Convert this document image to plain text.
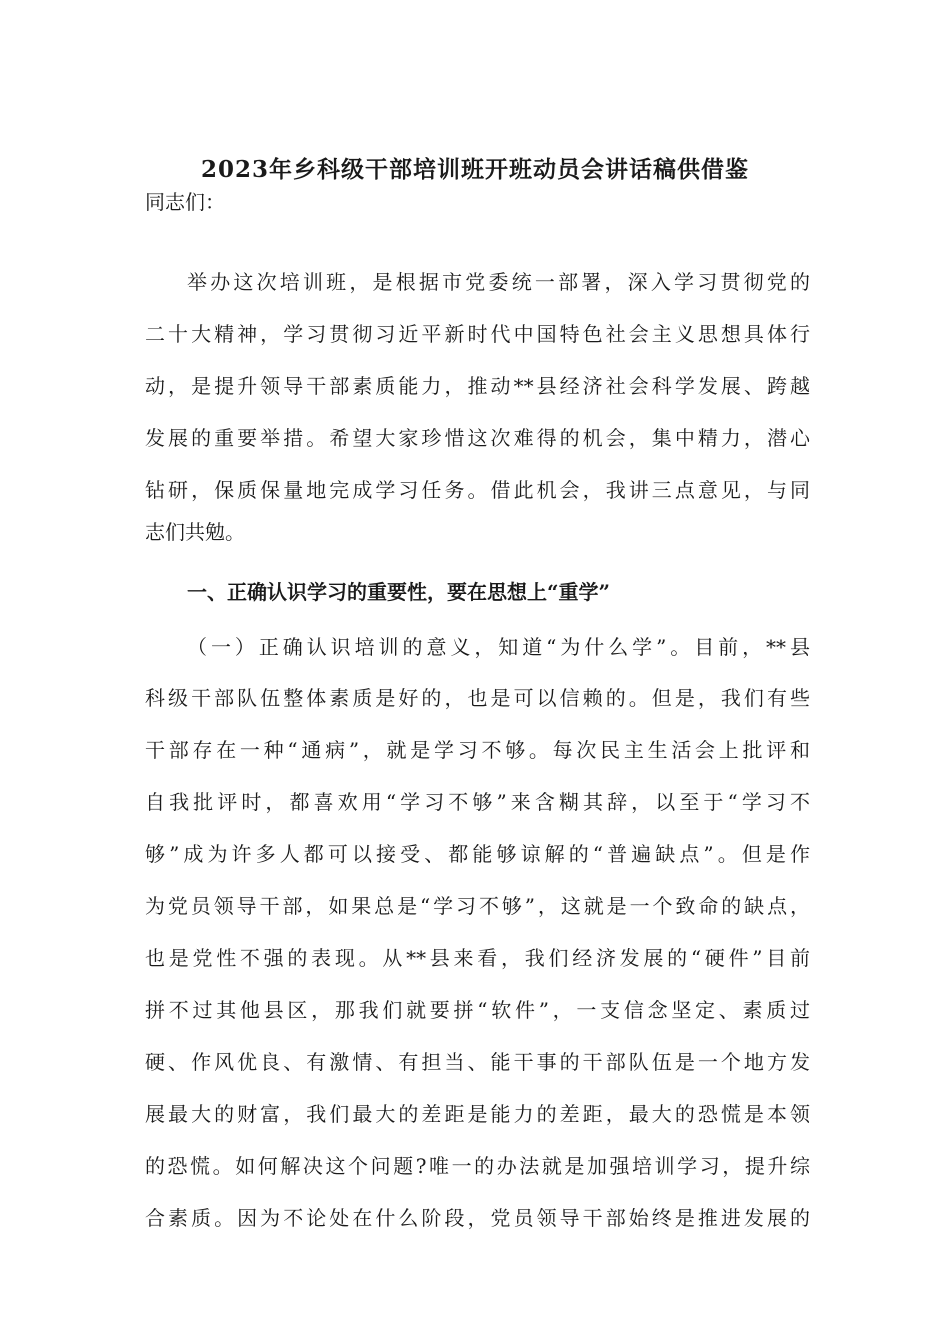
2023年乡科级干部培训班开班动员会讲话稿供借鉴

同志们：

举办这次培训班，是根据市党委统一部署，深入学习贯彻党的

二十大精神，学习贯彻习近平新时代中国特色社会主义思想具体行

动，是提升领导干部素质能力，推动**县经济社会科学发展、跨越

发展的重要举措。希望大家珍惜这次难得的机会，集中精力，潜心

钻研，保质保量地完成学习任务。借此机会，我讲三点意见，与同

志们共勉。

一、正确认识学习的重要性，要在思想上“重学”

（一）正确认识培训的意义，知道“为什么学”。目前，**县

科级干部队伍整体素质是好的，也是可以信赖的。但是，我们有些

干部存在一种“通病”，就是学习不够。每次民主生活会上批评和

自我批评时，都喜欢用“学习不够”来含糊其辞，以至于“学习不

够”成为许多人都可以接受、都能够谅解的“普遍缺点”。但是作

为党员领导干部，如果总是“学习不够”，这就是一个致命的缺点，

也是党性不强的表现。从**县来看，我们经济发展的“硬件”目前

拼不过其他县区，那我们就要拼“软件”，一支信念坚定、素质过

硬、作风优良、有激情、有担当、能干事的干部队伍是一个地方发

展最大的财富，我们最大的差距是能力的差距，最大的恐慌是本领

的恐慌。如何解决这个问题?唯一的办法就是加强培训学习，提升综

合素质。因为不论处在什么阶段，党员领导干部始终是推进发展的
